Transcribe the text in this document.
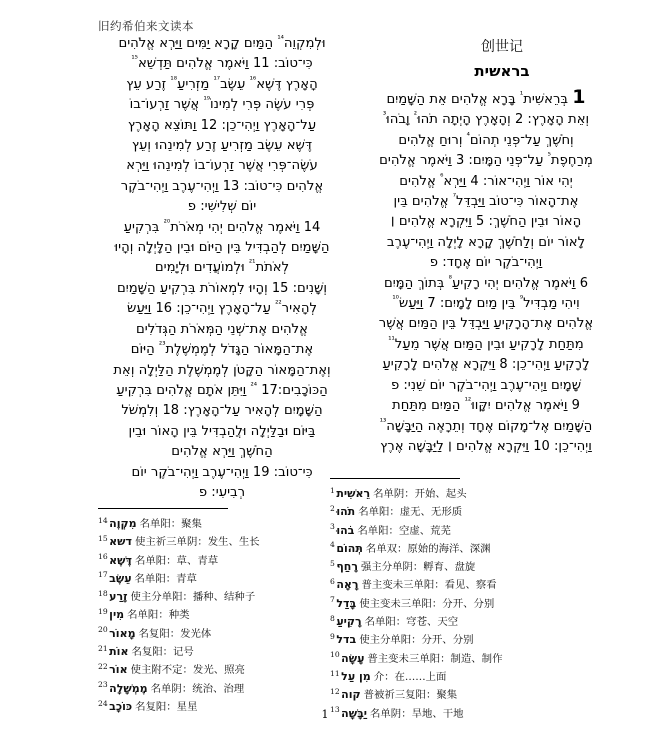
旧约希伯来文读本
创世记
בראשית

1 בְּרֵאשִׁית$^{^1}$ בָּרָא אֱלֹהִים אֵת הַשָּׁמַיִם

וְאֵת הָאָרֶץ: 2 וְהָאָרֶץ הָיְתָה תֹהוּ$^{^2}$ וָבֹהוּ$^{^3}$

וְחֹשֶׁךְ עַל־פְּנֵי תְהוֹם$^{^4}$ וְרוּחַ אֱלֹהִים

מְרַחֶפֶת$^{^5}$ עַל־פְּנֵי הַמָּיִם: 3 וַיֹּאמֶר אֱלֹהִים

יְהִי אוֹר וַיְהִי־אוֹר: 4 וַיַּרְא$^{^6}$ אֱלֹהִים

אֶת־הָאוֹר כִּי־טוֹב וַיַּבְדֵּל$^{^7}$ אֱלֹהִים בֵּין

הָאוֹר וּבֵין הַחֹשֶׁךְ: 5 וַיִּקְרָא אֱלֹהִים ׀

לָאוֹר יוֹם וְלַחֹשֶׁךְ קָרָא לָיְלָה וַיְהִי־עֶרֶב

וַיְהִי־בֹקֶר יוֹם אֶחָד: פ

6 וַיֹּאמֶר אֱלֹהִים יְהִי רָקִיעַ$^{^8}$ בְּתוֹךְ הַמָּיִם

וִיהִי מַבְדִּיל$^{^9}$ בֵּין מַיִם לָמָיִם: 7 וַיַּעַשׂ$^{^{10}}$

אֱלֹהִים אֶת־הָרָקִיעַ וַיַּבְדֵּל בֵּין הַמַּיִם אֲשֶׁר

מִתַּחַת לָרָקִיעַ וּבֵין הַמַּיִם אֲשֶׁר מֵעַל$^{^{11}}$

לָרָקִיעַ וַיְהִי־כֵן: 8 וַיִּקְרָא אֱלֹהִים לָרָקִיעַ

שָׁמָיִם וַיְהִי־עֶרֶב וַיְהִי־בֹקֶר יוֹם שֵׁנִי: פ

9 וַיֹּאמֶר אֱלֹהִים יִקָּווּ$^{^{12}}$ הַמַּיִם מִתַּחַת

הַשָּׁמַיִם אֶל־מָקוֹם אֶחָד וְתֵרָאֶה הַיַּבָּשָׁה$^{^{13}}$

וַיְהִי־כֵן: 10 וַיִּקְרָא אֱלֹהִים ׀ לַיַּבָּשָׁה אֶרֶץ

וּלְמִקְוֵה$^{^{14}}$ הַמַּיִם קָרָא יַמִּים וַיַּרְא אֱלֹהִים

כִּי־טוֹב: 11 וַיֹּאמֶר אֱלֹהִים תַּדְשֵׁא$^{^{15}}$

הָאָרֶץ דֶּשֶׁא$^{^{16}}$ עֵשֶׂב$^{^{17}}$ מַזְרִיעַ$^{^{18}}$ זֶרַע עֵץ

פְּרִי עֹשֶׂה פְּרִי לְמִינוֹ$^{^{19}}$ אֲשֶׁר זַרְעוֹ־בוֹ

עַל־הָאָרֶץ וַיְהִי־כֵן: 12 וַתּוֹצֵא הָאָרֶץ

דֶּשֶׁא עֵשֶׂב מַזְרִיעַ זֶרַע לְמִינֵהוּ וְעֵץ

עֹשֶׂה־פְּרִי אֲשֶׁר זַרְעוֹ־בוֹ לְמִינֵהוּ וַיַּרְא

אֱלֹהִים כִּי־טוֹב: 13 וַיְהִי־עֶרֶב וַיְהִי־בֹקֶר

יוֹם שְׁלִישִׁי: פ

14 וַיֹּאמֶר אֱלֹהִים יְהִי מְאֹרֹת$^{^{20}}$ בִּרְקִיעַ

הַשָּׁמַיִם לְהַבְדִּיל בֵּין הַיּוֹם וּבֵין הַלָּיְלָה וְהָיוּ

לְאֹתֹת$^{^{21}}$ וּלְמוֹעֲדִים וּלְיָמִים

וְשָׁנִים: 15 וְהָיוּ לִמְאוֹרֹת בִּרְקִיעַ הַשָּׁמַיִם

לְהָאִיר$^{^{22}}$ עַל־הָאָרֶץ וַיְהִי־כֵן: 16 וַיַּעַשׂ

אֱלֹהִים אֶת־שְׁנֵי הַמְּאֹרֹת הַגְּדֹלִים

אֶת־הַמָּאוֹר הַגָּדֹל לְמֶמְשֶׁלֶת$^{^{23}}$ הַיּוֹם

וְאֶת־הַמָּאוֹר הַקָּטֹן לְמֶמְשֶׁלֶת הַלַּיְלָה וְאֵת

הַכּוֹכָבִים:$^{^{24}}$ 17 וַיִּתֵּן אֹתָם אֱלֹהִים בִּרְקִיעַ

הַשָּׁמָיִם לְהָאִיר עַל־הָאָרֶץ: 18 וְלִמְשֹׁל

בַּיּוֹם וּבַלַּיְלָה וּלֲהַבְדִּיל בֵּין הָאוֹר וּבֵין

הַחֹשֶׁךְ וַיַּרְא אֱלֹהִים

כִּי־טוֹב: 19 וַיְהִי־עֶרֶב וַיְהִי־בֹקֶר יוֹם

רְבִיעִי: פ	$^1$ רֵאשִׁית 名单阴：开始、起头
$^2$ תֹהוּ 名单阳：虚无、无形质
$^3$ בֹהוּ 名单阳：空虚、荒芜
$^4$ תְּהוֹם 名单双：原始的海洋、深渊
$^5$ רָחַף 强主分单阴：孵育、盘旋
$^6$ רָאָה 普主变未三单阳：看见、察看
$^7$ בָּדַל 使主变未三单阳：分开、分别
$^8$ רָקִיעַ 名单阳：穹苍、天空
$^9$ בדל 使主分单阳：分开、分别
$^{10}$ עָשָׂה 普主变未三单阳：制造、制作
$^{11}$ מִן עַל 介：在……上面
$^{12}$ קוה 普被祈三复阳：聚集
$^{13}$ יַבָּשָׁה 名单阴：旱地、干地
$^{14}$ מִקְוֶה 名单阳：聚集
$^{15}$ דשא 使主祈三单阴：发生、生长
$^{16}$ דֶּשֶׁא 名单阳：草、青草
$^{17}$ עֵשֶׂב 名单阳：青草
$^{18}$ זָרַע 使主分单阳：播种、结种子
$^{19}$ מִין 名单阳：种类
$^{20}$ מָאוֹר 名复阳：发光体
$^{21}$ אוֹת 名复阳：记号
$^{22}$ אוֹר 使主附不定：发光、照亮
$^{23}$ מֶמְשָׁלָה 名单阴：统治、治理
$^{24}$ כּוֹכָב 名复阳：星星
1
